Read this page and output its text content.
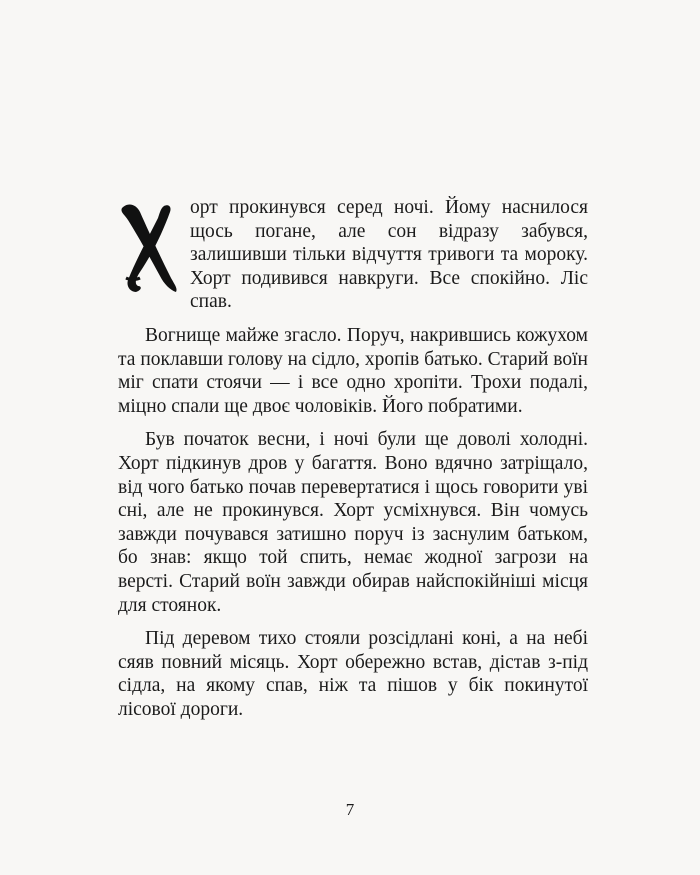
орт прокинувся серед ночі. Йому наснилося щось погане, але сон відразу забувся, залишивши тільки відчуття тривоги та мороку. Хорт подивився навкруги. Все спокійно. Ліс спав.

Вогнище майже згасло. Поруч, накрившись кожухом та поклавши голову на сідло, хропів батько. Старий воїн міг спати стоячи — і все одно хропіти. Трохи подалі, міцно спали ще двоє чоловіків. Його побратими.

Був початок весни, і ночі були ще доволі холодні. Хорт підкинув дров у багаття. Воно вдячно затріщало, від чого батько почав перевертатися і щось говорити уві сні, але не прокинувся. Хорт усміхнувся. Він чомусь завжди почувався затишно поруч із заснулим батьком, бо знав: якщо той спить, немає жодної загрози на версті. Старий воїн завжди обирав найспокійніші місця для стоянок.

Під деревом тихо стояли розсідлані коні, а на небі сяяв повний місяць. Хорт обережно встав, дістав з-під сідла, на якому спав, ніж та пішов у бік покинутої лісової дороги.

7
